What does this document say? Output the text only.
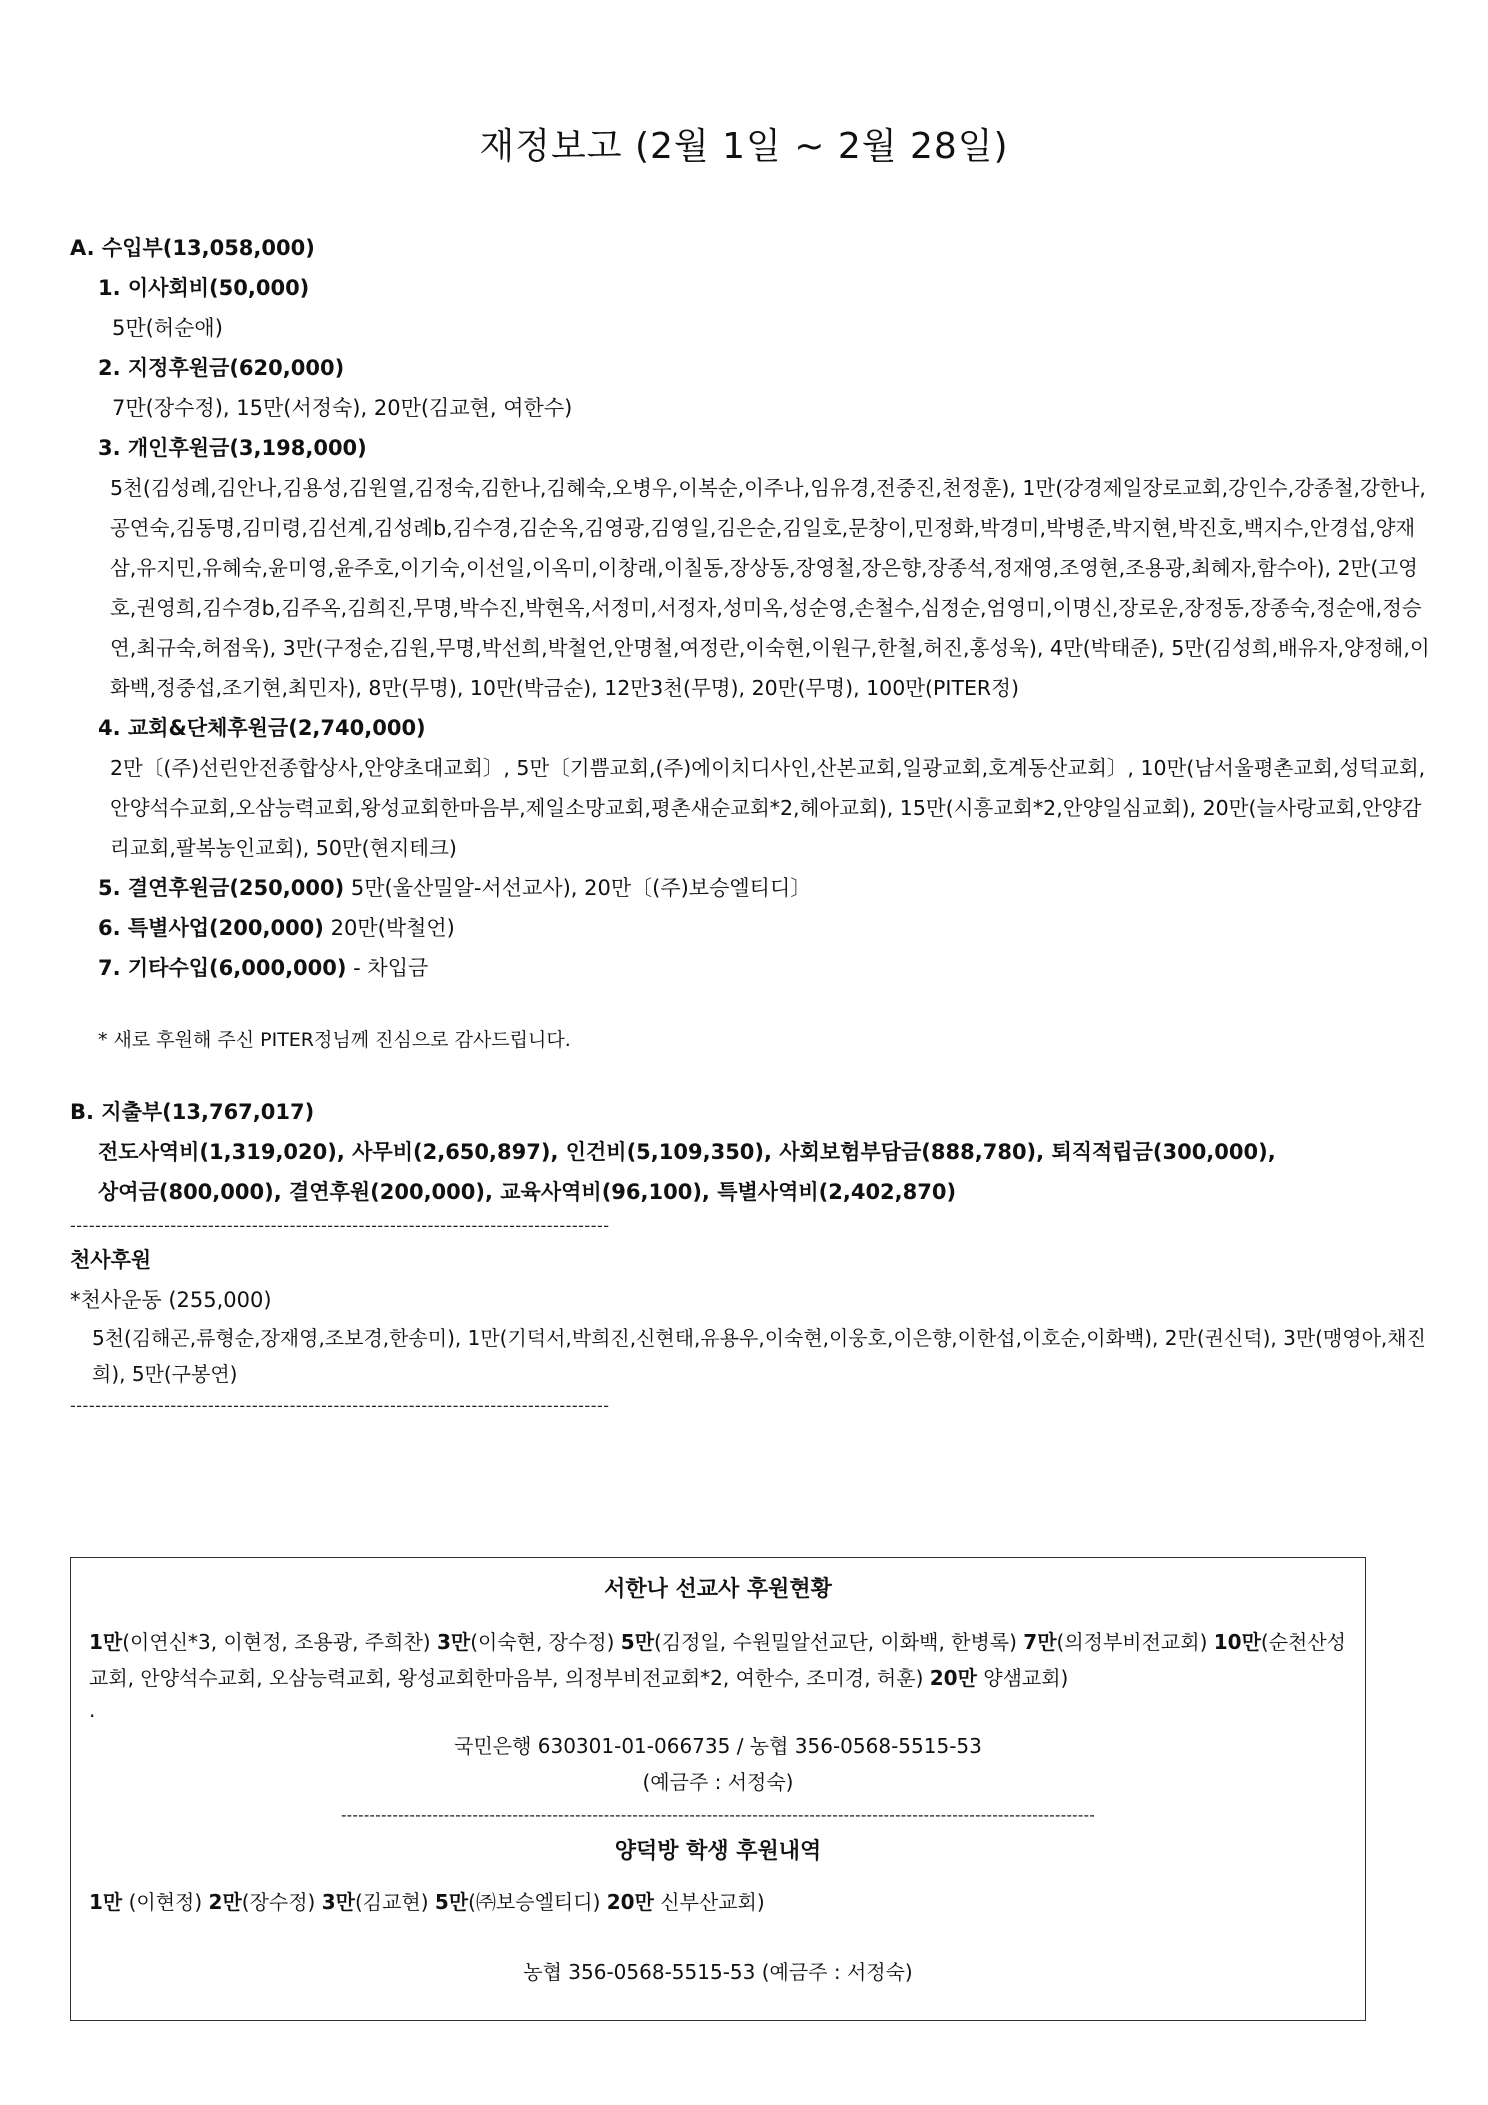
재정보고 (2월 1일 ~ 2월 28일)
A. 수입부(13,058,000)
1. 이사회비(50,000)
5만(허순애)
2. 지정후원금(620,000)
7만(장수정), 15만(서정숙), 20만(김교현, 여한수)
3. 개인후원금(3,198,000)
5천(김성례,김안나,김용성,김원열,김정숙,김한나,김혜숙,오병우,이복순,이주나,임유경,전중진,천정훈), 1만(강경제일장로교회,강인수,강종철,강한나,공연숙,김동명,김미령,김선계,김성례b,김수경,김순옥,김영광,김영일,김은순,김일호,문창이,민정화,박경미,박병준,박지현,박진호,백지수,안경섭,양재삼,유지민,유혜숙,윤미영,윤주호,이기숙,이선일,이옥미,이창래,이칠동,장상동,장영철,장은향,장종석,정재영,조영현,조용광,최혜자,함수아), 2만(고영호,권영희,김수경b,김주옥,김희진,무명,박수진,박현옥,서정미,서정자,성미옥,성순영,손철수,심정순,엄영미,이명신,장로운,장정동,장종숙,정순애,정승연,최규숙,허점욱), 3만(구정순,김원,무명,박선희,박철언,안명철,여정란,이숙현,이원구,한철,허진,홍성욱), 4만(박태준), 5만(김성희,배유자,양정해,이화백,정중섭,조기현,최민자), 8만(무명), 10만(박금순), 12만3천(무명), 20만(무명), 100만(PITER정)
4. 교회&단체후원금(2,740,000)
2만〔(주)선린안전종합상사,안양초대교회〕, 5만〔기쁨교회,(주)에이치디사인,산본교회,일광교회,호계동산교회〕, 10만(남서울평촌교회,성덕교회,안양석수교회,오삼능력교회,왕성교회한마음부,제일소망교회,평촌새순교회*2,헤아교회), 15만(시흥교회*2,안양일심교회), 20만(늘사랑교회,안양감리교회,팔복농인교회), 50만(현지테크)
5. 결연후원금(250,000) 5만(울산밀알-서선교사), 20만〔(주)보승엘티디〕
6. 특별사업(200,000) 20만(박철언)
7. 기타수입(6,000,000) - 차입금
* 새로 후원해 주신 PITER정님께 진심으로 감사드립니다.
B. 지출부(13,767,017)
전도사역비(1,319,020), 사무비(2,650,897), 인건비(5,109,350), 사회보험부담금(888,780), 퇴직적립금(300,000),
상여금(800,000), 결연후원(200,000), 교육사역비(96,100), 특별사역비(2,402,870)
--------------------------------------------------------------------------------------
천사후원
*천사운동 (255,000)
5천(김해곤,류형순,장재영,조보경,한송미), 1만(기덕서,박희진,신현태,유용우,이숙현,이웅호,이은향,이한섭,이호순,이화백), 2만(권신덕), 3만(맹영아,채진희), 5만(구봉연)
--------------------------------------------------------------------------------------
서한나 선교사 후원현황
1만(이연신*3, 이현정, 조용광, 주희찬) 3만(이숙현, 장수정) 5만(김정일, 수원밀알선교단, 이화백, 한병록) 7만(의정부비전교회) 10만(순천산성교회, 안양석수교회, 오삼능력교회, 왕성교회한마음부, 의정부비전교회*2, 여한수, 조미경, 허훈) 20만 양샘교회)
.
국민은행 630301-01-066735 / 농협 356-0568-5515-53
(예금주 : 서정숙)
------------------------------------------------------------------------------------------------------------------------------------
양덕방 학생 후원내역
1만 (이현정) 2만(장수정) 3만(김교현) 5만(㈜보승엘티디) 20만 신부산교회)
농협 356-0568-5515-53 (예금주 : 서정숙)
